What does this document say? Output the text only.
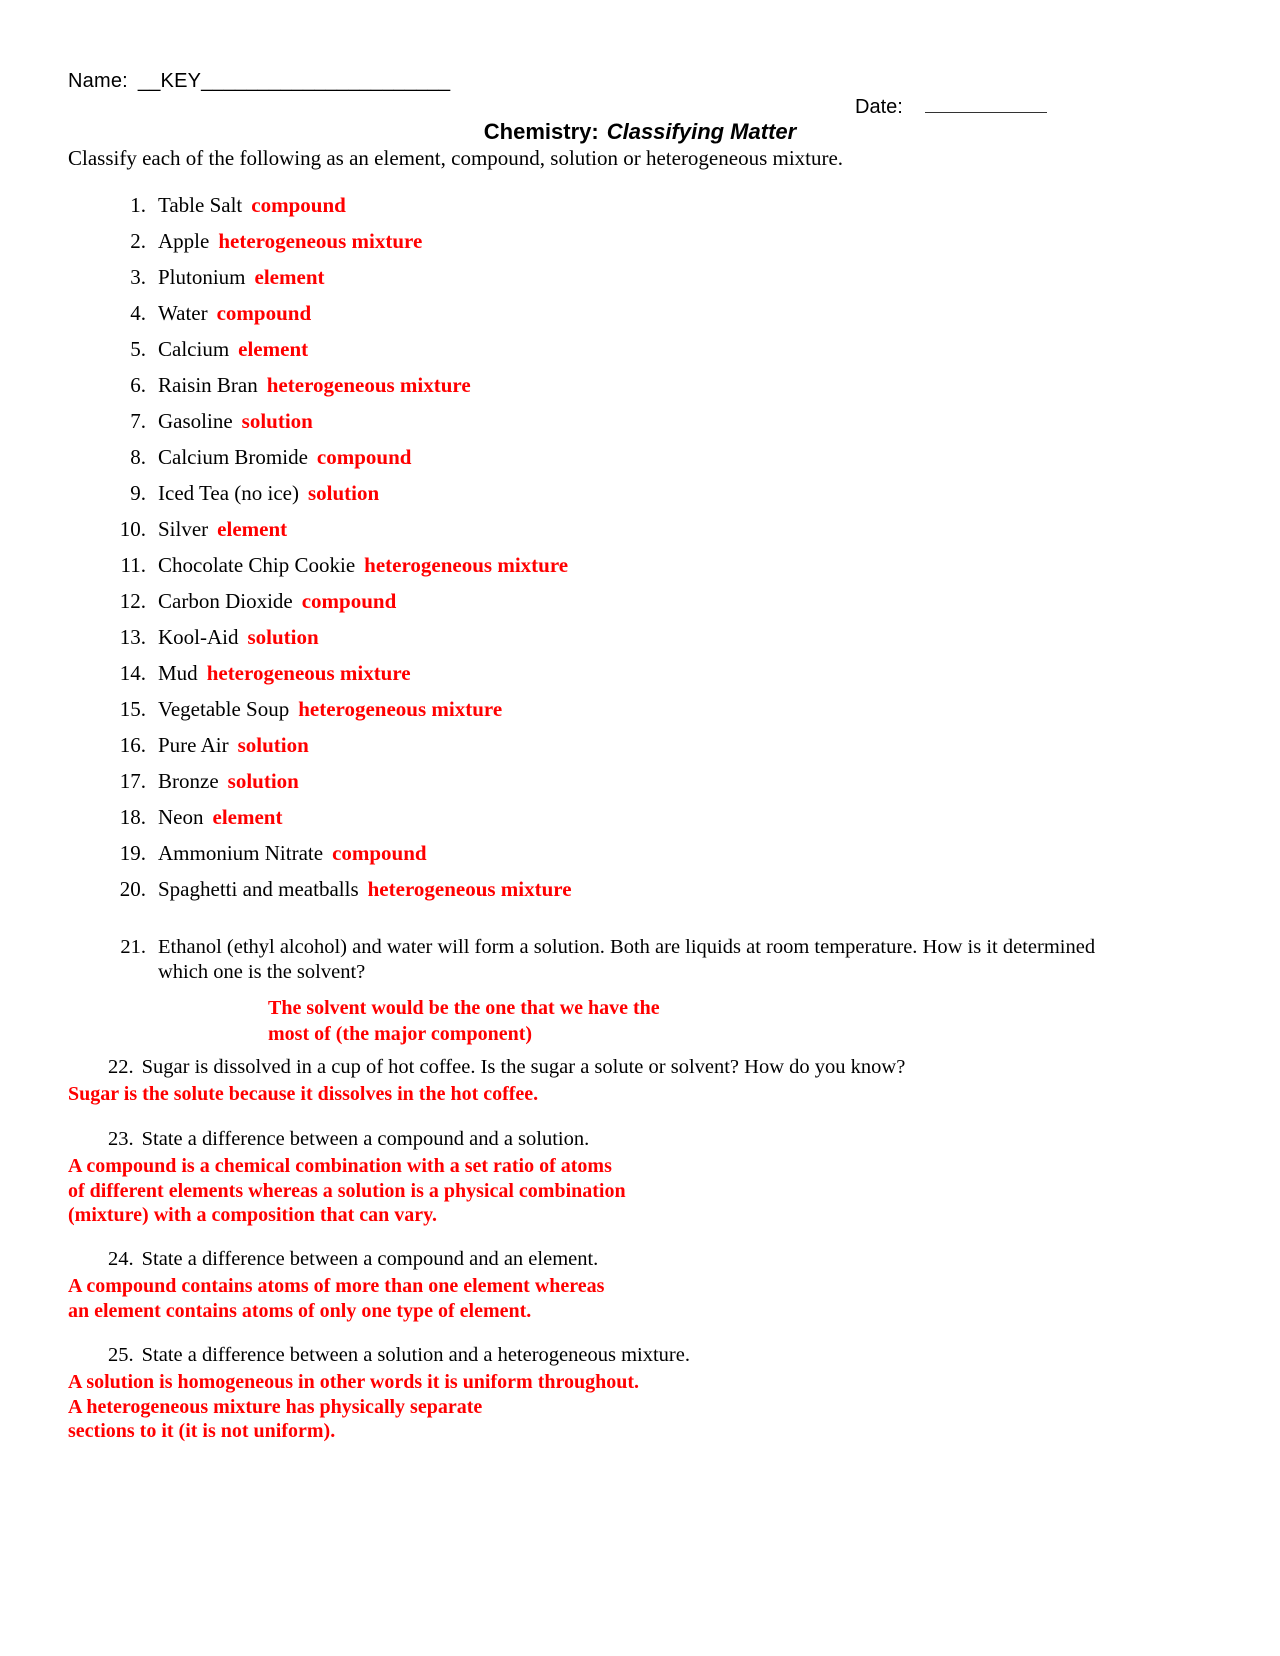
Name: __KEY______________________
Date:
Chemistry: Classifying Matter
Classify each of the following as an element, compound, solution or heterogeneous mixture.
1. Table Salt compound
2. Apple heterogeneous mixture
3. Plutonium element
4. Water compound
5. Calcium element
6. Raisin Bran heterogeneous mixture
7. Gasoline solution
8. Calcium Bromide compound
9. Iced Tea (no ice) solution
10. Silver element
11. Chocolate Chip Cookie heterogeneous mixture
12. Carbon Dioxide compound
13. Kool-Aid solution
14. Mud heterogeneous mixture
15. Vegetable Soup heterogeneous mixture
16. Pure Air solution
17. Bronze solution
18. Neon element
19. Ammonium Nitrate compound
20. Spaghetti and meatballs heterogeneous mixture
21. Ethanol (ethyl alcohol) and water will form a solution. Both are liquids at room temperature. How is it determined which one is the solvent?
The solvent would be the one that we have the
most of (the major component)
22. Sugar is dissolved in a cup of hot coffee. Is the sugar a solute or solvent? How do you know?
Sugar is the solute because it dissolves in the hot coffee.
23. State a difference between a compound and a solution.
A compound is a chemical combination with a set ratio of atoms
of different elements whereas a solution is a physical combination
(mixture) with a composition that can vary.
24. State a difference between a compound and an element.
A compound contains atoms of more than one element whereas
an element contains atoms of only one type of element.
25. State a difference between a solution and a heterogeneous mixture.
A solution is homogeneous in other words it is uniform throughout.
A heterogeneous mixture has physically separate
sections to it (it is not uniform).
